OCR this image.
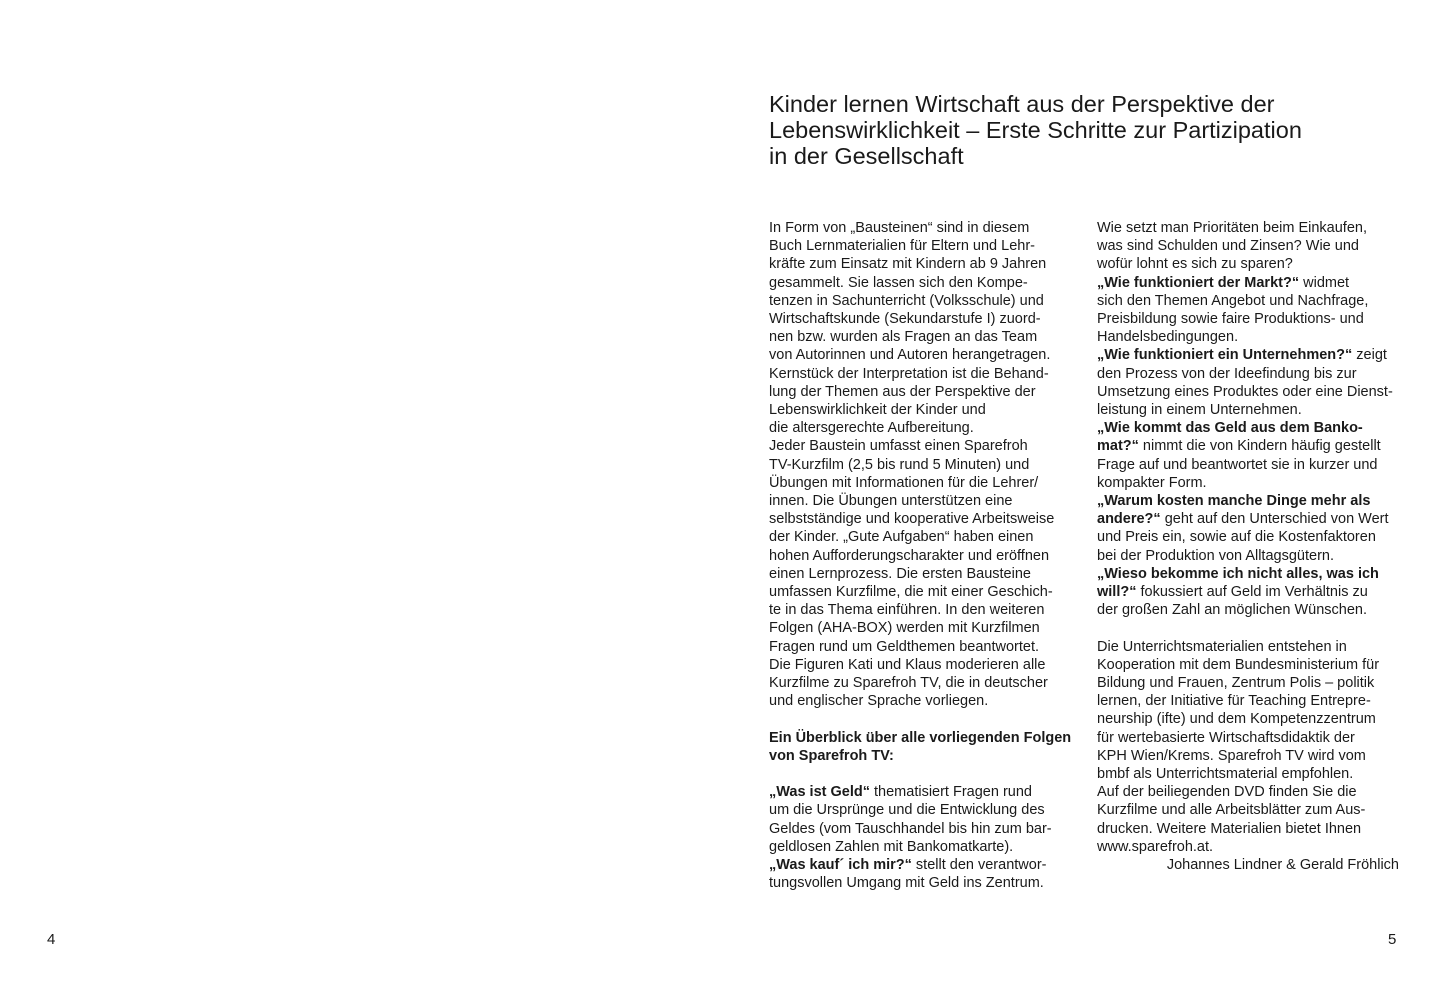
4	5
Kinder lernen Wirtschaft aus der Perspektive der
Lebenswirklichkeit – Erste Schritte zur Partizipation
in der Gesellschaft
In Form von „Bausteinen“ sind in diesem
Buch Lernmaterialien für Eltern und Lehr-
kräfte zum Einsatz mit Kindern ab 9 Jahren
gesammelt. Sie lassen sich den Kompe-
tenzen in Sachunterricht (Volksschule) und
Wirtschaftskunde (Sekundarstufe I) zuord-
nen bzw. wurden als Fragen an das Team
von Autorinnen und Autoren herangetragen.
Kernstück der Interpretation ist die Behand-
lung der Themen aus der Perspektive der
Lebenswirklichkeit der Kinder und
die altersgerechte Aufbereitung.
Jeder Baustein umfasst einen Sparefroh
TV-Kurzfilm (2,5 bis rund 5 Minuten) und
Übungen mit Informationen für die Lehrer/
innen. Die Übungen unterstützen eine
selbstständige und kooperative Arbeitsweise
der Kinder. „Gute Aufgaben“ haben einen
hohen Aufforderungscharakter und eröffnen
einen Lernprozess. Die ersten Bausteine
umfassen Kurzfilme, die mit einer Geschich-
te in das Thema einführen. In den weiteren
Folgen (AHA-BOX) werden mit Kurzfilmen
Fragen rund um Geldthemen beantwortet.
Die Figuren Kati und Klaus moderieren alle
Kurzfilme zu Sparefroh TV, die in deutscher
und englischer Sprache vorliegen.
Ein Überblick über alle vorliegenden Folgen
von Sparefroh TV:
„Was ist Geld“ thematisiert Fragen rund
um die Ursprünge und die Entwicklung des
Geldes (vom Tauschhandel bis hin zum bar-
geldlosen Zahlen mit Bankomatkarte).
„Was kauf´ ich mir?“ stellt den verantwor-
tungsvollen Umgang mit Geld ins Zentrum.
Wie setzt man Prioritäten beim Einkaufen,
was sind Schulden und Zinsen? Wie und
wofür lohnt es sich zu sparen?
„Wie funktioniert der Markt?“ widmet
sich den Themen Angebot und Nachfrage,
Preisbildung sowie faire Produktions- und
Handelsbedingungen.
„Wie funktioniert ein Unternehmen?“ zeigt
den Prozess von der Ideefindung bis zur
Umsetzung eines Produktes oder eine Dienst-
leistung in einem Unternehmen.
„Wie kommt das Geld aus dem Banko-
mat?“ nimmt die von Kindern häufig gestellt
Frage auf und beantwortet sie in kurzer und
kompakter Form.
„Warum kosten manche Dinge mehr als
andere?“ geht auf den Unterschied von Wert
und Preis ein, sowie auf die Kostenfaktoren
bei der Produktion von Alltagsgütern.
„Wieso bekomme ich nicht alles, was ich
will?“ fokussiert auf Geld im Verhältnis zu
der großen Zahl an möglichen Wünschen.
Die Unterrichtsmaterialien entstehen in
Kooperation mit dem Bundesministerium für
Bildung und Frauen, Zentrum Polis – politik
lernen, der Initiative für Teaching Entrepre-
neurship (ifte) und dem Kompetenzzentrum
für wertebasierte Wirtschaftsdidaktik der
KPH Wien/Krems. Sparefroh TV wird vom
bmbf als Unterrichtsmaterial empfohlen.
Auf der beiliegenden DVD finden Sie die
Kurzfilme und alle Arbeitsblätter zum Aus-
drucken. Weitere Materialien bietet Ihnen
www.sparefroh.at.
Johannes Lindner & Gerald Fröhlich
